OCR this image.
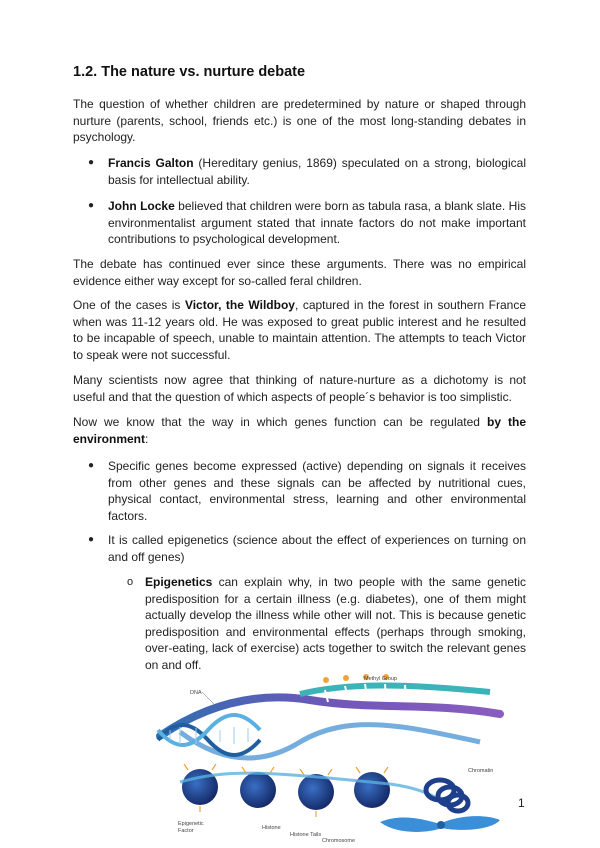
1.2. The nature vs. nurture debate

The question of whether children are predetermined by nature or shaped through nurture (parents, school, friends etc.) is one of the most long-standing debates in psychology.

● Francis Galton (Hereditary genius, 1869) speculated on a strong, biological basis for intellectual ability.
● John Locke believed that children were born as tabula rasa, a blank slate. His environmentalist argument stated that innate factors do not make important contributions to psychological development.

The debate has continued ever since these arguments. There was no empirical evidence either way except for so-called feral children.

One of the cases is Victor, the Wildboy, captured in the forest in southern France when was 11-12 years old. He was exposed to great public interest and he resulted to be incapable of speech, unable to maintain attention. The attempts to teach Victor to speak were not successful.

Many scientists now agree that thinking of nature-nurture as a dichotomy is not useful and that the question of which aspects of people´s behavior is too simplistic.

Now we know that the way in which genes function can be regulated by the environment:

● Specific genes become expressed (active) depending on signals it receives from other genes and these signals can be affected by nutritional cues, physical contact, environmental stress, learning and other environmental factors.
● It is called epigenetics (science about the effect of experiences on turning on and off genes)
o Epigenetics can explain why, in two people with the same genetic predisposition for a certain illness (e.g. diabetes), one of them might actually develop the illness while other will not. This is because genetic predisposition and environmental effects (perhaps through smoking, over-eating, lack of exercise) acts together to switch the relevant genes on and off.
DNA
Methyl Group
Chromatin
Epigenetic
Factor	Histone
Histone Tails
Chromosome
1
